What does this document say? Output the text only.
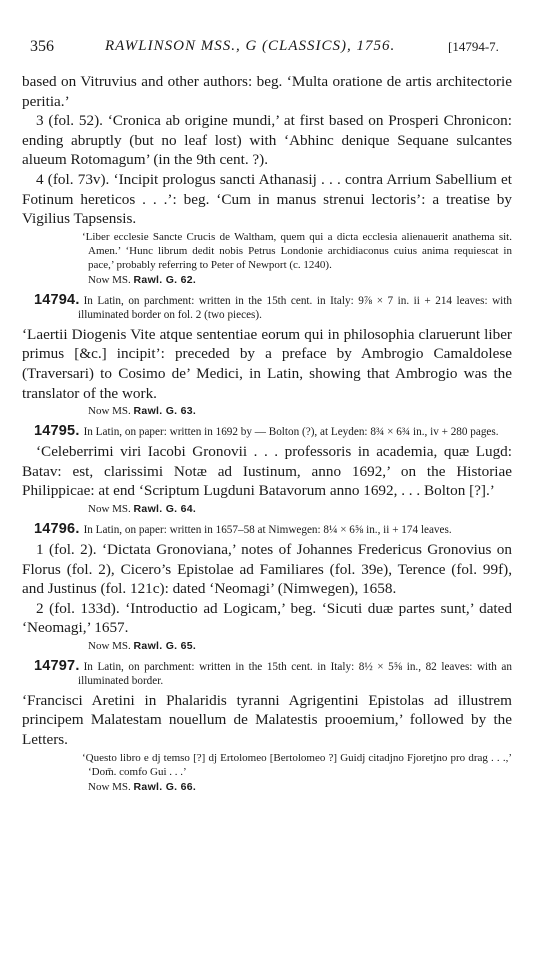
356	RAWLINSON MSS., G (CLASSICS), 1756.	[14794-7.

based on Vitruvius and other authors: beg. ‘Multa oratione de artis architectorie peritia.’

3 (fol. 52). ‘Cronica ab origine mundi,’ at first based on Prosperi Chronicon: ending abruptly (but no leaf lost) with ‘Abhinc denique Sequane sulcantes alueum Rotomagum’ (in the 9th cent. ?).

4 (fol. 73v). ‘Incipit prologus sancti Athanasij . . . contra Arrium Sabellium et Fotinum hereticos . . .’: beg. ‘Cum in manus strenui lectoris’: a treatise by Vigilius Tapsensis.

‘Liber ecclesie Sancte Crucis de Waltham, quem qui a dicta ecclesia alienauerit anathema sit. Amen.’ ‘Hunc librum dedit nobis Petrus Londonie archidiaconus cuius anima requiescat in pace,’ probably referring to Peter of Newport (c. 1240).

Now MS. Rawl. G. 62.
14794. In Latin, on parchment: written in the 15th cent. in Italy: 9⅞ × 7 in. ii + 214 leaves: with illuminated border on fol. 2 (two pieces).

‘Laertii Diogenis Vite atque sententiae eorum qui in philosophia claruerunt liber primus [&c.] incipit’: preceded by a preface by Ambrogio Camaldolese (Traversari) to Cosimo de’ Medici, in Latin, showing that Ambrogio was the translator of the work.

Now MS. Rawl. G. 63.
14795. In Latin, on paper: written in 1692 by — Bolton (?), at Leyden: 8¾ × 6¾ in., iv + 280 pages.

‘Celeberrimi viri Iacobi Gronovii . . . professoris in academia, quæ Lugd: Batav: est, clarissimi Notæ ad Iustinum, anno 1692,’ on the Historiae Philippicae: at end ‘Scriptum Lugduni Batavorum anno 1692, . . . Bolton [?].’

Now MS. Rawl. G. 64.
14796. In Latin, on paper: written in 1657–58 at Nimwegen: 8¼ × 6⅝ in., ii + 174 leaves.

1 (fol. 2). ‘Dictata Gronoviana,’ notes of Johannes Fredericus Gronovius on Florus (fol. 2), Cicero’s Epistolae ad Familiares (fol. 39e), Terence (fol. 99f), and Justinus (fol. 121c): dated ‘Neomagi’ (Nimwegen), 1658.

2 (fol. 133d). ‘Introductio ad Logicam,’ beg. ‘Sicuti duæ partes sunt,’ dated ‘Neomagi,’ 1657.

Now MS. Rawl. G. 65.
14797. In Latin, on parchment: written in the 15th cent. in Italy: 8½ × 5⅝ in., 82 leaves: with an illuminated border.

‘Francisci Aretini in Phalaridis tyranni Agrigentini Epistolas ad illustrem principem Malatestam nouellum de Malatestis prooemium,’ followed by the Letters.

‘Questo libro e dj temso [?] dj Ertolomeo [Bertolomeo ?] Guidj citadjno Fjoretjno pro drag . . .,’ ‘Dom̄. comfo Gui . . .’

Now MS. Rawl. G. 66.
